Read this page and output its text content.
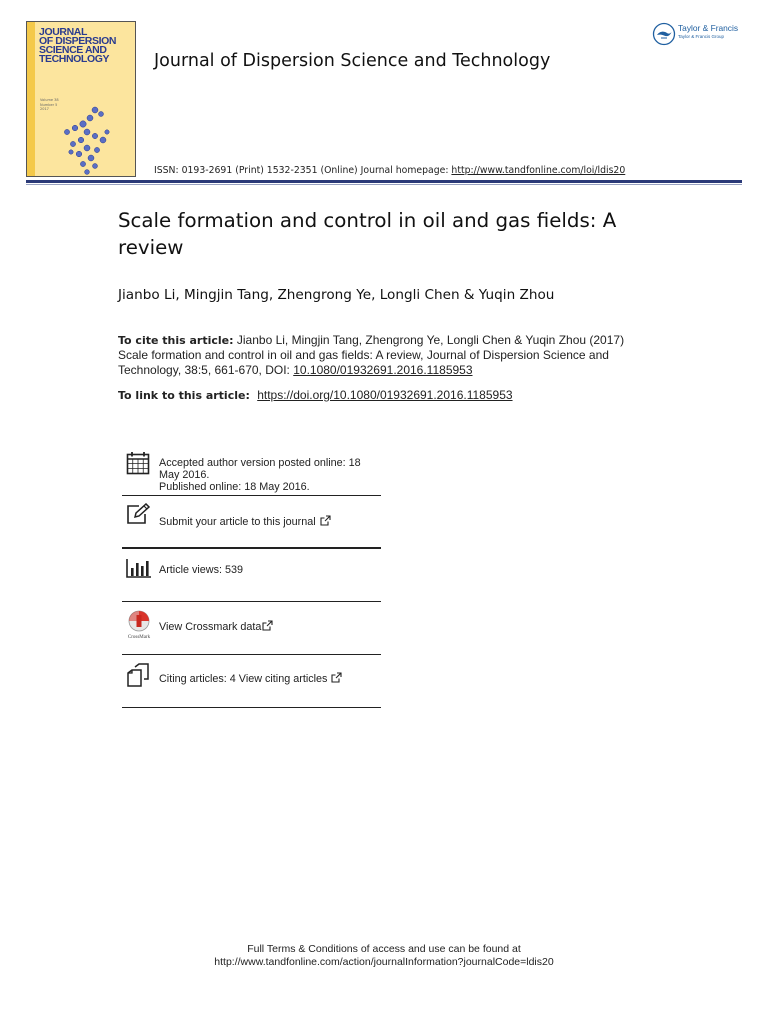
JOURNAL
OF DISPERSION
SCIENCE AND
TECHNOLOGY
Volume 38
Number 5
2017
Journal of Dispersion Science and Technology
ISSN: 0193-2691 (Print) 1532-2351 (Online) Journal homepage: http://www.tandfonline.com/loi/ldis20
Taylor & Francis
Taylor & Francis Group
Scale formation and control in oil and gas fields: A review
Jianbo Li, Mingjin Tang, Zhengrong Ye, Longli Chen & Yuqin Zhou
To cite this article: Jianbo Li, Mingjin Tang, Zhengrong Ye, Longli Chen & Yuqin Zhou (2017) Scale formation and control in oil and gas fields: A review, Journal of Dispersion Science and Technology, 38:5, 661-670, DOI: 10.1080/01932691.2016.1185953
To link to this article: https://doi.org/10.1080/01932691.2016.1185953
Accepted author version posted online: 18
May 2016.
Published online: 18 May 2016.
Submit your article to this journal
Article views: 539
CrossMark
View Crossmark data
Citing articles: 4 View citing articles
Full Terms & Conditions of access and use can be found at
http://www.tandfonline.com/action/journalInformation?journalCode=ldis20
